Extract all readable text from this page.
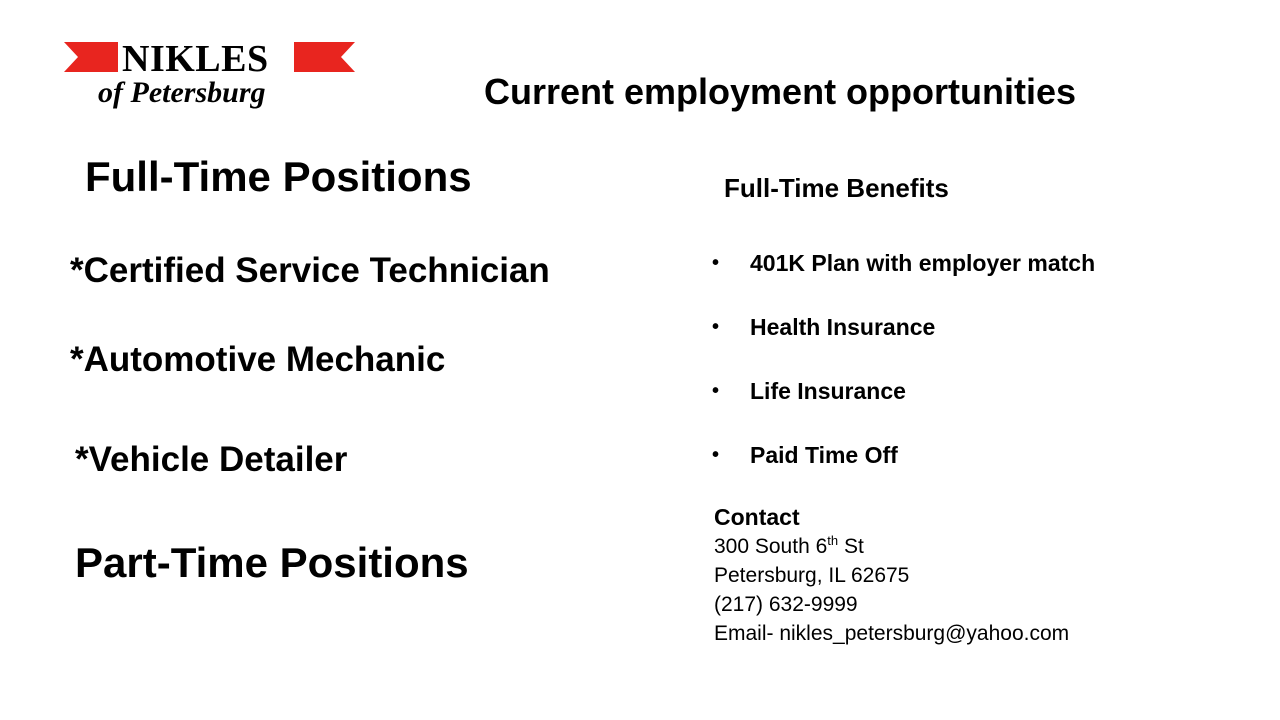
NIKLES
of Petersburg	Current employment opportunities
Full-Time Positions
*Certified Service Technician
*Automotive Mechanic
*Vehicle Detailer
Part-Time Positions
Full-Time Benefits
• 401K Plan with employer match
• Health Insurance
• Life Insurance
• Paid Time Off
Contact
300 South 6th St
Petersburg, IL 62675
(217) 632-9999
Email- nikles_petersburg@yahoo.com
